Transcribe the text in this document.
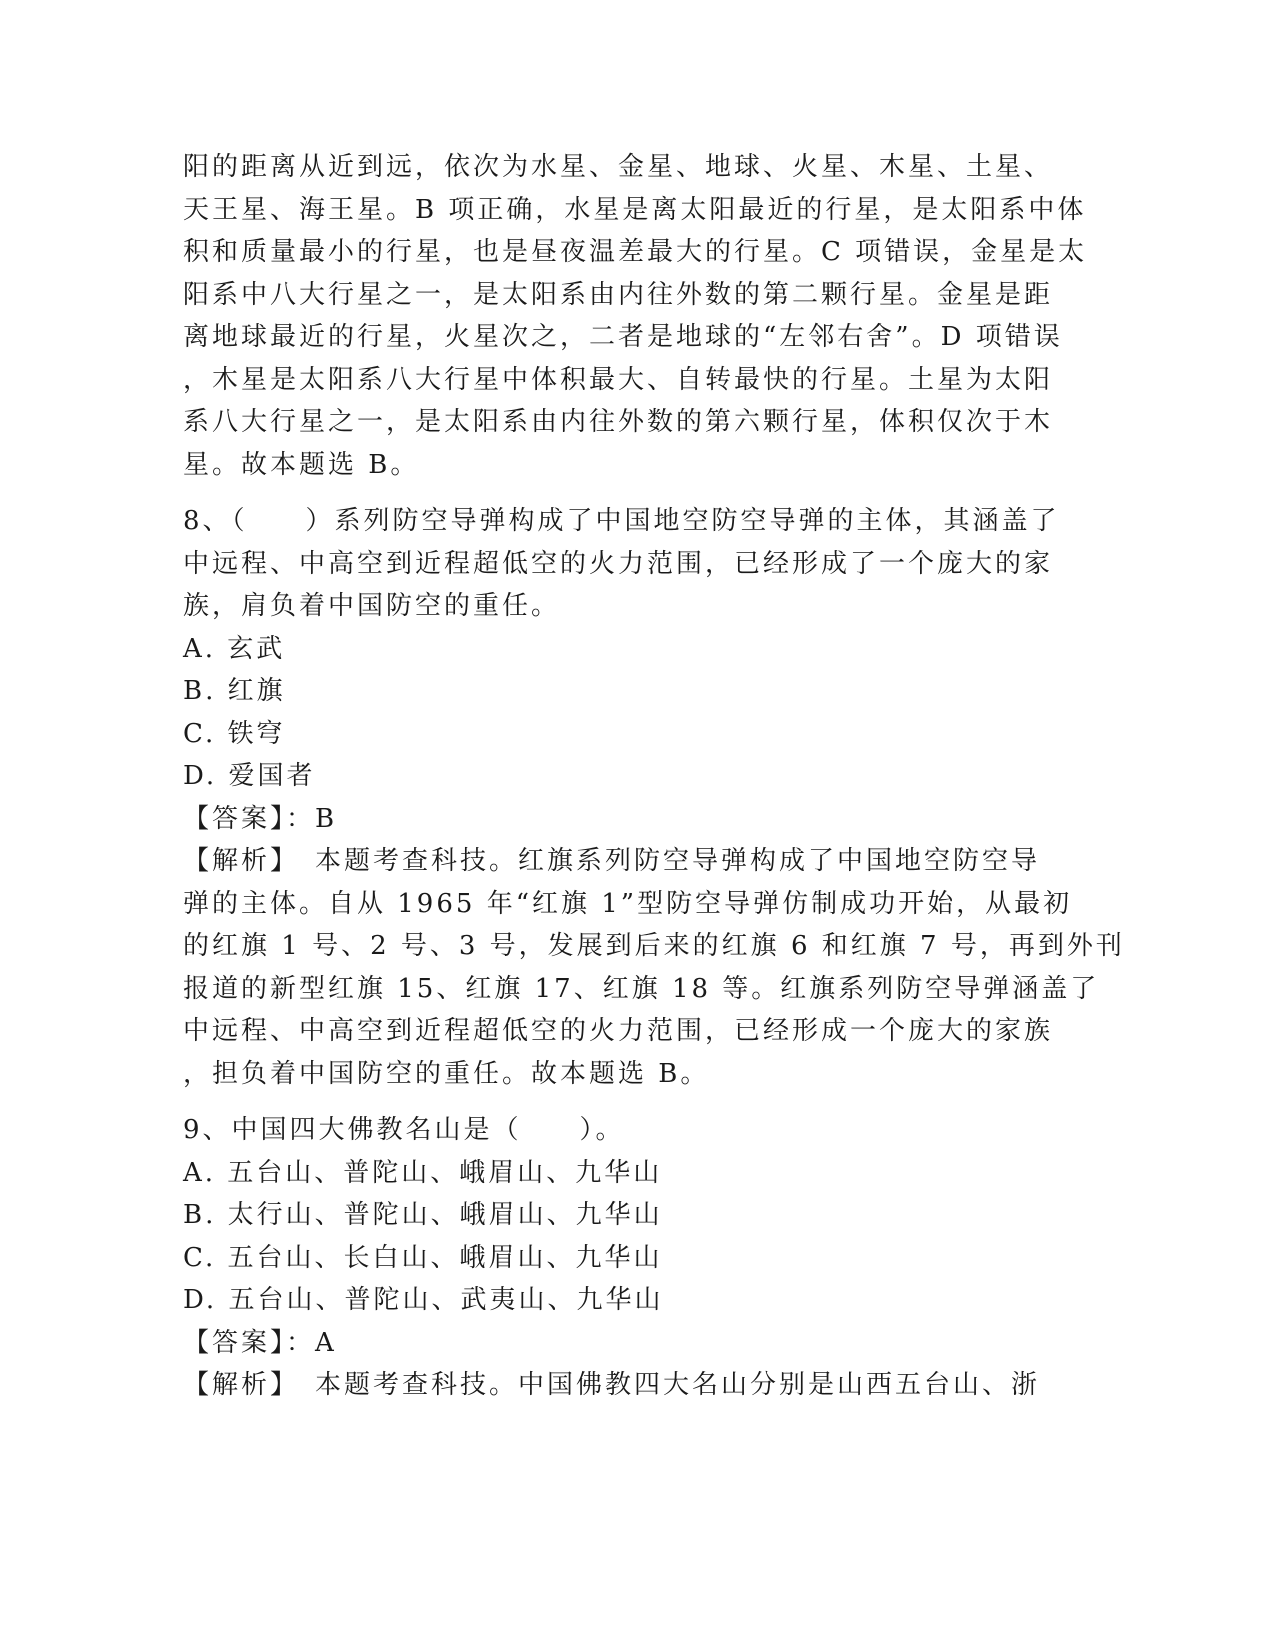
阳的距离从近到远，依次为水星、金星、地球、火星、木星、土星、
天王星、海王星。B 项正确，水星是离太阳最近的行星，是太阳系中体
积和质量最小的行星，也是昼夜温差最大的行星。C 项错误，金星是太
阳系中八大行星之一，是太阳系由内往外数的第二颗行星。金星是距
离地球最近的行星，火星次之，二者是地球的“左邻右舍”。D 项错误
，木星是太阳系八大行星中体积最大、自转最快的行星。土星为太阳
系八大行星之一，是太阳系由内往外数的第六颗行星，体积仅次于木
星。故本题选 B。
8、（　　）系列防空导弹构成了中国地空防空导弹的主体，其涵盖了
中远程、中高空到近程超低空的火力范围，已经形成了一个庞大的家
族，肩负着中国防空的重任。
A. 玄武
B. 红旗
C. 铁穹
D. 爱国者
【答案】：B
【解析】　本题考查科技。红旗系列防空导弹构成了中国地空防空导
弹的主体。自从 1965 年“红旗 1”型防空导弹仿制成功开始，从最初
的红旗 1 号、2 号、3 号，发展到后来的红旗 6 和红旗 7 号，再到外刊
报道的新型红旗 15、红旗 17、红旗 18 等。红旗系列防空导弹涵盖了
中远程、中高空到近程超低空的火力范围，已经形成一个庞大的家族
，担负着中国防空的重任。故本题选 B。
9、中国四大佛教名山是（　　）。
A. 五台山、普陀山、峨眉山、九华山
B. 太行山、普陀山、峨眉山、九华山
C. 五台山、长白山、峨眉山、九华山
D. 五台山、普陀山、武夷山、九华山
【答案】：A
【解析】　本题考查科技。中国佛教四大名山分别是山西五台山、浙
